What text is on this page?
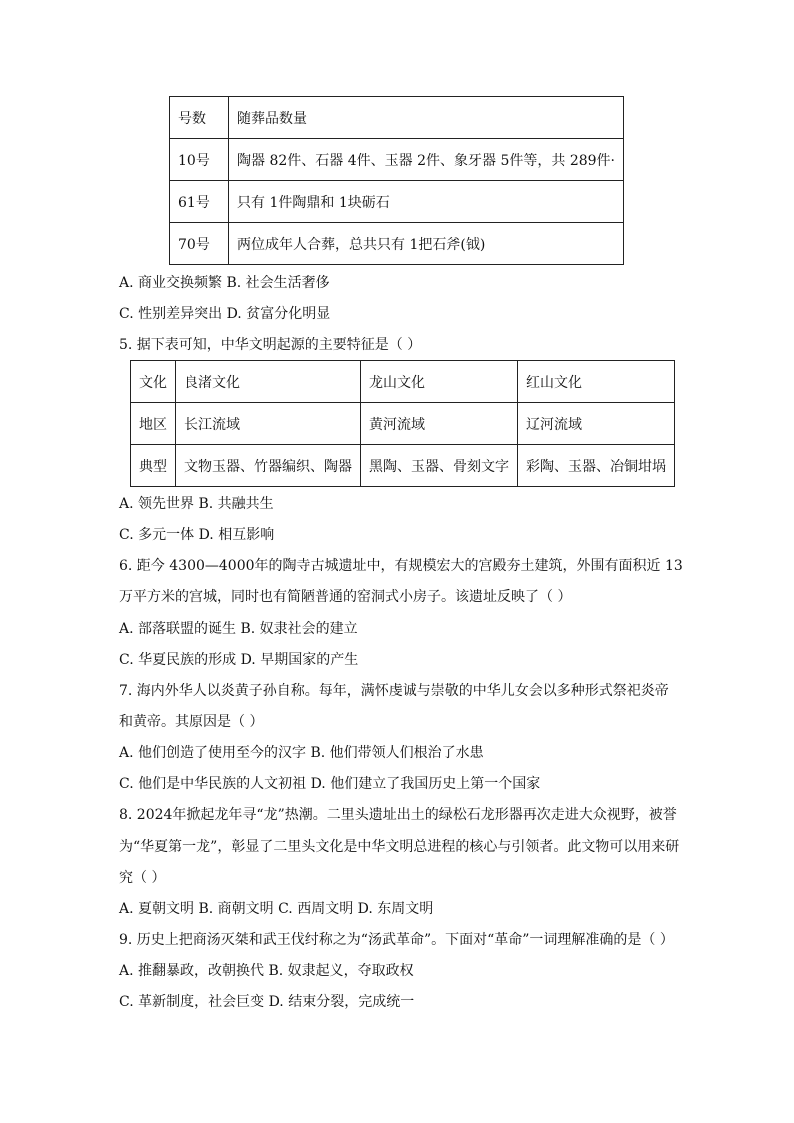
号数	随葬品数量
10号	陶器 82件、石器 4件、玉器 2件、象牙器 5件等，共 289件·
61号	只有 1件陶鼎和 1块砺石
70号	两位成年人合葬，总共只有 1把石斧(钺)
A. 商业交换频繁 B. 社会生活奢侈
C. 性别差异突出 D. 贫富分化明显
5. 据下表可知，中华文明起源的主要特征是（ ）
文化	良渚文化	龙山文化	红山文化
地区	长江流域	黄河流域	辽河流域
典型	文物玉器、竹器编织、陶器	黑陶、玉器、骨刻文字	彩陶、玉器、冶铜坩埚
A. 领先世界 B. 共融共生
C. 多元一体 D. 相互影响
6. 距今 4300—4000年的陶寺古城遗址中，有规模宏大的宫殿夯土建筑，外围有面积近 13
万平方米的宫城，同时也有简陋普通的窑洞式小房子。该遗址反映了（ ）
A. 部落联盟的诞生 B. 奴隶社会的建立
C. 华夏民族的形成 D. 早期国家的产生
7. 海内外华人以炎黄子孙自称。每年，满怀虔诚与崇敬的中华儿女会以多种形式祭祀炎帝
和黄帝。其原因是（ ）
A. 他们创造了使用至今的汉字 B. 他们带领人们根治了水患
C. 他们是中华民族的人文初祖 D. 他们建立了我国历史上第一个国家
8. 2024年掀起龙年寻“龙”热潮。二里头遗址出土的绿松石龙形器再次走进大众视野，被誉
为“华夏第一龙”，彰显了二里头文化是中华文明总进程的核心与引领者。此文物可以用来研
究（ ）
A. 夏朝文明 B. 商朝文明 C. 西周文明 D. 东周文明
9. 历史上把商汤灭桀和武王伐纣称之为“汤武革命”。下面对“革命”一词理解准确的是（ ）
A. 推翻暴政，改朝换代 B. 奴隶起义，夺取政权
C. 革新制度，社会巨变 D. 结束分裂，完成统一
